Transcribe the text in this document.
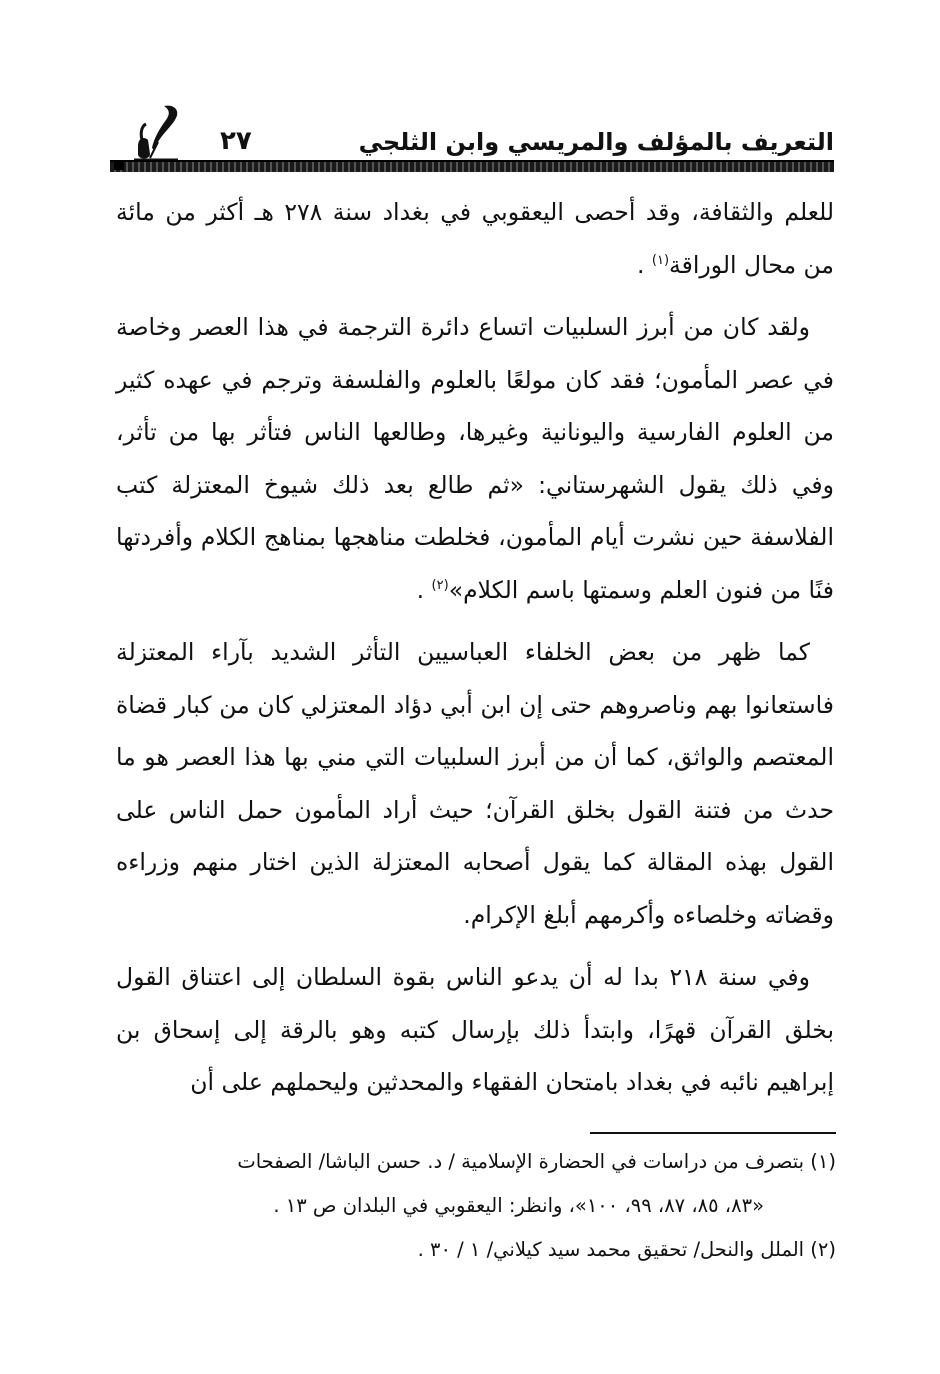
التعريف بالمؤلف والمريسي وابن الثلجي
٢٧

للعلم والثقافة، وقد أحصى اليعقوبي في بغداد سنة ٢٧٨ هـ أكثر من مائة من محال الوراقة$^{(١)}$ .

ولقد كان من أبرز السلبيات اتساع دائرة الترجمة في هذا العصر وخاصة في عصر المأمون؛ فقد كان مولعًا بالعلوم والفلسفة وترجم في عهده كثير من العلوم الفارسية واليونانية وغيرها، وطالعها الناس فتأثر بها من تأثر، وفي ذلك يقول الشهرستاني: «ثم طالع بعد ذلك شيوخ المعتزلة كتب الفلاسفة حين نشرت أيام المأمون، فخلطت مناهجها بمناهج الكلام وأفردتها فنًا من فنون العلم وسمتها باسم الكلام»$^{(٢)}$ .

كما ظهر من بعض الخلفاء العباسيين التأثر الشديد بآراء المعتزلة فاستعانوا بهم وناصروهم حتى إن ابن أبي دؤاد المعتزلي كان من كبار قضاة المعتصم والواثق، كما أن من أبرز السلبيات التي مني بها هذا العصر هو ما حدث من فتنة القول بخلق القرآن؛ حيث أراد المأمون حمل الناس على القول بهذه المقالة كما يقول أصحابه المعتزلة الذين اختار منهم وزراءه وقضاته وخلصاءه وأكرمهم أبلغ الإكرام.

وفي سنة ٢١٨ بدا له أن يدعو الناس بقوة السلطان إلى اعتناق القول بخلق القرآن قهرًا، وابتدأ ذلك بإرسال كتبه وهو بالرقة إلى إسحاق بن إبراهيم نائبه في بغداد بامتحان الفقهاء والمحدثين وليحملهم على أن

(١) بتصرف من دراسات في الحضارة الإسلامية / د. حسن الباشا/ الصفحات
«٨٣، ٨٥، ٨٧، ٩٩، ١٠٠»، وانظر: اليعقوبي في البلدان ص ١٣ .
(٢) الملل والنحل/ تحقيق محمد سيد كيلاني/ ١ / ٣٠ .
